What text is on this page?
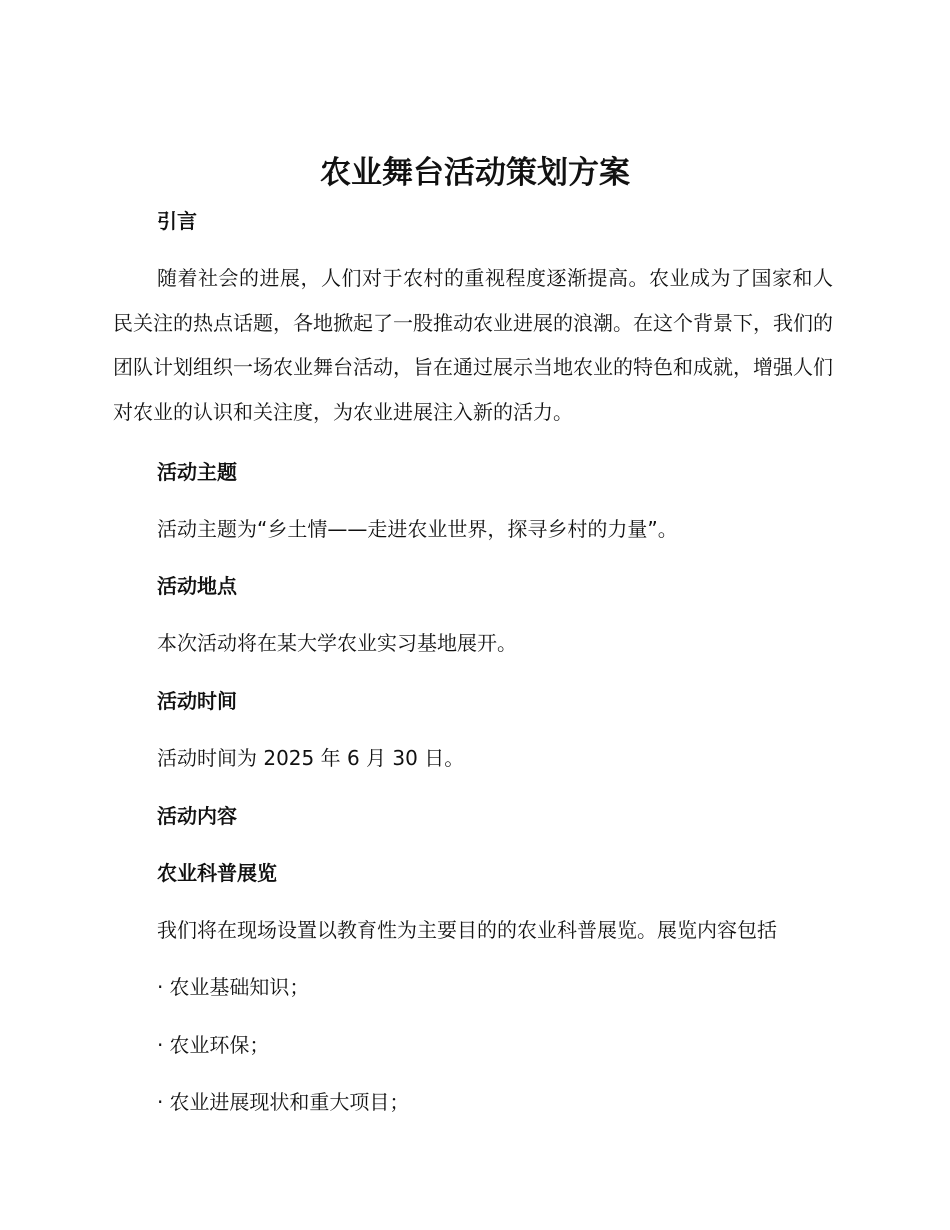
农业舞台活动策划方案
引言

随着社会的进展，人们对于农村的重视程度逐渐提高。农业成为了国家和人民关注的热点话题，各地掀起了一股推动农业进展的浪潮。在这个背景下，我们的团队计划组织一场农业舞台活动，旨在通过展示当地农业的特色和成就，增强人们对农业的认识和关注度，为农业进展注入新的活力。

活动主题

活动主题为“乡土情——走进农业世界，探寻乡村的力量”。

活动地点

本次活动将在某大学农业实习基地展开。

活动时间

活动时间为 2025 年 6 月 30 日。

活动内容
农业科普展览

我们将在现场设置以教育性为主要目的的农业科普展览。展览内容包括

· 农业基础知识；
· 农业环保；
· 农业进展现状和重大项目；
